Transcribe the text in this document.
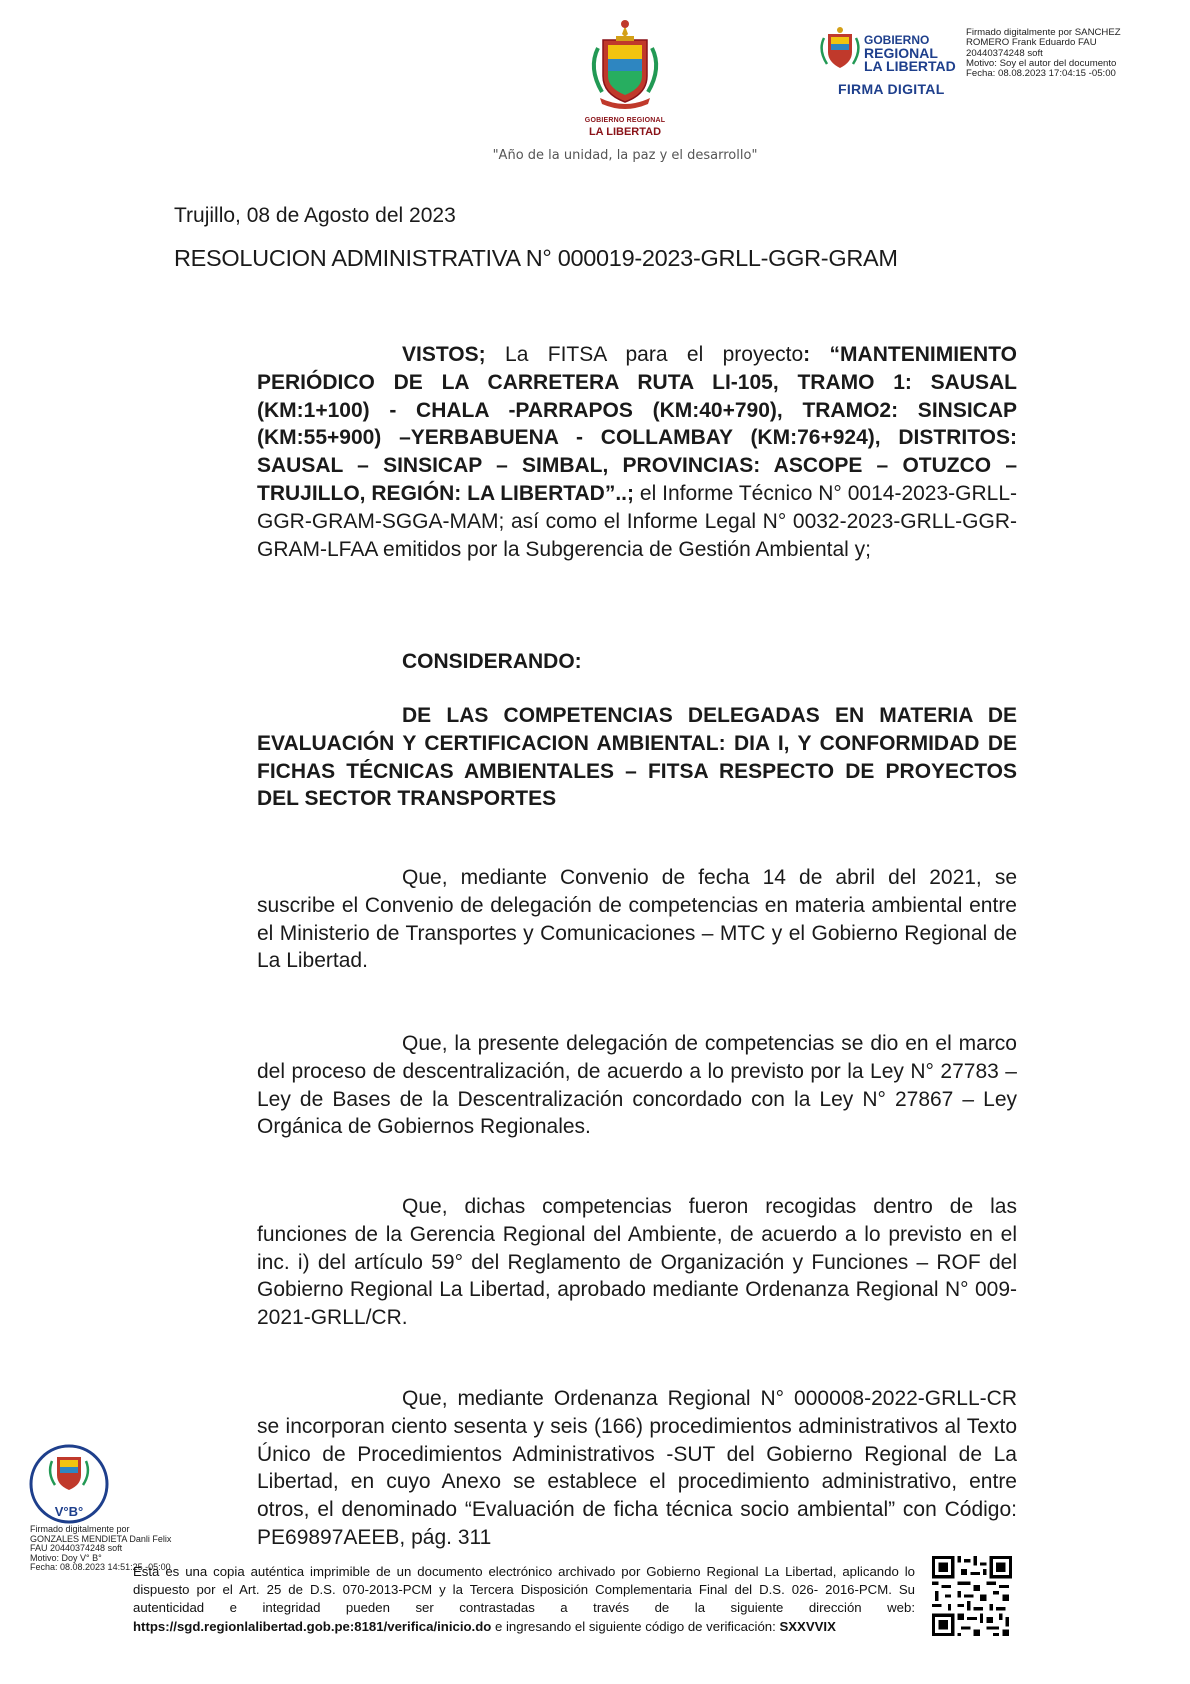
GOBIERNO REGIONAL
LA LIBERTAD
"Año de la unidad, la paz y el desarrollo"
GOBIERNO
REGIONAL
LA LIBERTAD
FIRMA DIGITAL
Firmado digitalmente por SANCHEZ
ROMERO Frank Eduardo FAU
20440374248 soft
Motivo: Soy el autor del documento
Fecha: 08.08.2023 17:04:15 -05:00
Trujillo, 08 de Agosto del 2023
RESOLUCION ADMINISTRATIVA N° 000019-2023-GRLL-GGR-GRAM
VISTOS; La FITSA para el proyecto: “MANTENIMIENTO PERIÓDICO DE LA CARRETERA RUTA LI-105, TRAMO 1: SAUSAL (KM:1+100) - CHALA -PARRAPOS (KM:40+790), TRAMO2: SINSICAP (KM:55+900) –YERBABUENA - COLLAMBAY (KM:76+924), DISTRITOS: SAUSAL – SINSICAP – SIMBAL, PROVINCIAS: ASCOPE – OTUZCO –TRUJILLO, REGIÓN: LA LIBERTAD”..; el Informe Técnico N° 0014-2023-GRLL-GGR-GRAM-SGGA-MAM; así como el Informe Legal N° 0032-2023-GRLL-GGR-GRAM-LFAA emitidos por la Subgerencia de Gestión Ambiental y;
CONSIDERANDO:
DE LAS COMPETENCIAS DELEGADAS EN MATERIA DE EVALUACIÓN Y CERTIFICACION AMBIENTAL: DIA I, Y CONFORMIDAD DE FICHAS TÉCNICAS AMBIENTALES – FITSA RESPECTO DE PROYECTOS DEL SECTOR TRANSPORTES
Que, mediante Convenio de fecha 14 de abril del 2021, se suscribe el Convenio de delegación de competencias en materia ambiental entre el Ministerio de Transportes y Comunicaciones – MTC y el Gobierno Regional de La Libertad.
Que, la presente delegación de competencias se dio en el marco del proceso de descentralización, de acuerdo a lo previsto por la Ley N° 27783 – Ley de Bases de la Descentralización concordado con la Ley N° 27867 – Ley Orgánica de Gobiernos Regionales.
Que, dichas competencias fueron recogidas dentro de las funciones de la Gerencia Regional del Ambiente, de acuerdo a lo previsto en el inc. i) del artículo 59° del Reglamento de Organización y Funciones – ROF del Gobierno Regional La Libertad, aprobado mediante Ordenanza Regional N° 009-2021-GRLL/CR.
Que, mediante Ordenanza Regional N° 000008-2022-GRLL-CR se incorporan ciento sesenta y seis (166) procedimientos administrativos al Texto Único de Procedimientos Administrativos -SUT del Gobierno Regional de La Libertad, en cuyo Anexo se establece el procedimiento administrativo, entre otros, el denominado “Evaluación de ficha técnica socio ambiental” con Código: PE69897AEEB, pág. 311
V°B°
Firmado digitalmente por
GONZALES MENDIETA Danli Felix
FAU 20440374248 soft
Motivo: Doy V° B°
Fecha: 08.08.2023 14:51:25 -05:00
Esta es una copia auténtica imprimible de un documento electrónico archivado por Gobierno Regional La Libertad, aplicando lo dispuesto por el Art. 25 de D.S. 070-2013-PCM y la Tercera Disposición Complementaria Final del D.S. 026- 2016-PCM. Su autenticidad e integridad pueden ser contrastadas a través de la siguiente dirección web: https://sgd.regionlalibertad.gob.pe:8181/verifica/inicio.do e ingresando el siguiente código de verificación: SXXVVIX
